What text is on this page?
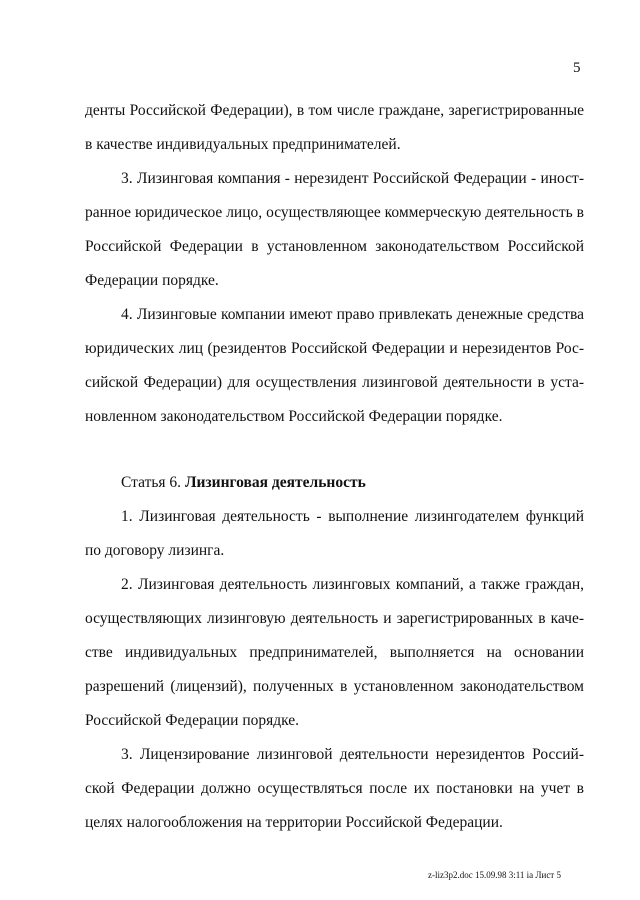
5
денты Российской Федерации), в том числе граждане, зарегистрированные
в качестве индивидуальных предпринимателей.
3. Лизинговая компания - нерезидент Российской Федерации - иност-
ранное юридическое лицо, осуществляющее коммерческую деятельность в
Российской Федерации в установленном законодательством Российской
Федерации порядке.
4. Лизинговые компании имеют право привлекать денежные средства
юридических лиц (резидентов Российской Федерации и нерезидентов Рос-
сийской Федерации) для осуществления лизинговой деятельности в уста-
новленном законодательством Российской Федерации порядке.
Статья 6. Лизинговая деятельность
1. Лизинговая деятельность - выполнение лизингодателем функций
по договору лизинга.
2. Лизинговая деятельность лизинговых компаний, а также граждан,
осуществляющих лизинговую деятельность и зарегистрированных в каче-
стве индивидуальных предпринимателей, выполняется на основании
разрешений (лицензий), полученных в установленном законодательством
Российской Федерации порядке.
3. Лицензирование лизинговой деятельности нерезидентов Россий-
ской Федерации должно осуществляться после их постановки на учет в
целях налогообложения на территории Российской Федерации.
z-liz3p2.doc 15.09.98 3:11 ia Лист 5
